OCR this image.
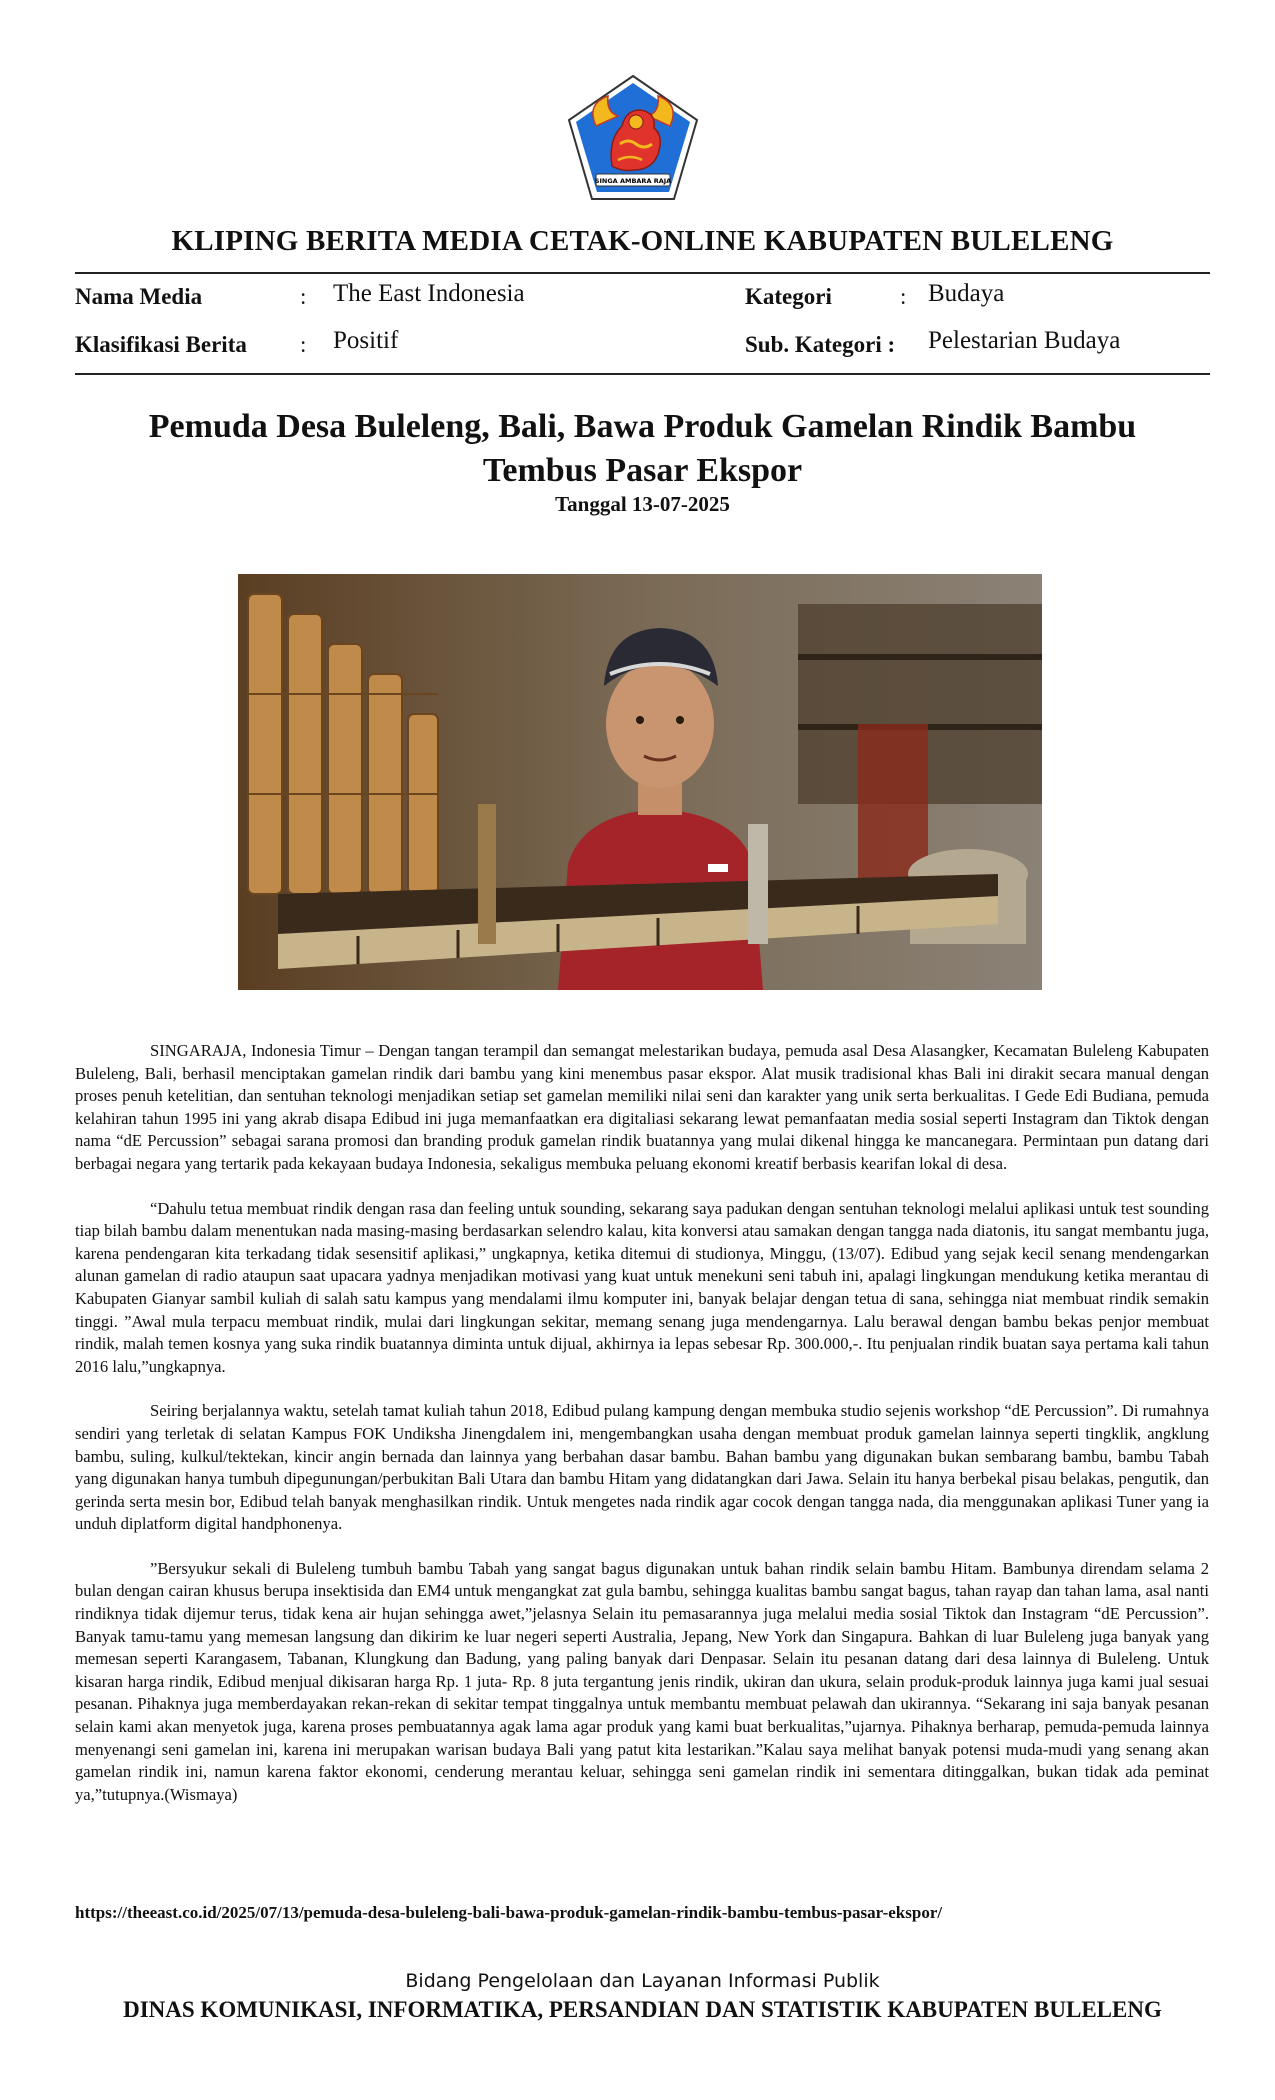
SINGA AMBARA RAJA
KLIPING BERITA MEDIA CETAK-ONLINE KABUPATEN BULELENG
Nama Media	: The East Indonesia	Kategori	: Budaya
Klasifikasi Berita : Positif	Sub. Kategori : Pelestarian Budaya
Pemuda Desa Buleleng, Bali, Bawa Produk Gamelan Rindik Bambu
Tembus Pasar Ekspor
Tanggal 13-07-2025

SINGARAJA, Indonesia Timur – Dengan tangan terampil dan semangat melestarikan budaya, pemuda asal Desa Alasangker, Kecamatan Buleleng Kabupaten Buleleng, Bali, berhasil menciptakan gamelan rindik dari bambu yang kini menembus pasar ekspor. Alat musik tradisional khas Bali ini dirakit secara manual dengan proses penuh ketelitian, dan sentuhan teknologi menjadikan setiap set gamelan memiliki nilai seni dan karakter yang unik serta berkualitas. I Gede Edi Budiana, pemuda kelahiran tahun 1995 ini yang akrab disapa Edibud ini juga memanfaatkan era digitaliasi sekarang lewat pemanfaatan media sosial seperti Instagram dan Tiktok dengan nama “dE Percussion” sebagai sarana promosi dan branding produk gamelan rindik buatannya yang mulai dikenal hingga ke mancanegara. Permintaan pun datang dari berbagai negara yang tertarik pada kekayaan budaya Indonesia, sekaligus membuka peluang ekonomi kreatif berbasis kearifan lokal di desa.

“Dahulu tetua membuat rindik dengan rasa dan feeling untuk sounding, sekarang saya padukan dengan sentuhan teknologi melalui aplikasi untuk test sounding tiap bilah bambu dalam menentukan nada masing-masing berdasarkan selendro kalau, kita konversi atau samakan dengan tangga nada diatonis, itu sangat membantu juga, karena pendengaran kita terkadang tidak sesensitif aplikasi,” ungkapnya, ketika ditemui di studionya, Minggu, (13/07). Edibud yang sejak kecil senang mendengarkan alunan gamelan di radio ataupun saat upacara yadnya menjadikan motivasi yang kuat untuk menekuni seni tabuh ini, apalagi lingkungan mendukung ketika merantau di Kabupaten Gianyar sambil kuliah di salah satu kampus yang mendalami ilmu komputer ini, banyak belajar dengan tetua di sana, sehingga niat membuat rindik semakin tinggi. ”Awal mula terpacu membuat rindik, mulai dari lingkungan sekitar, memang senang juga mendengarnya. Lalu berawal dengan bambu bekas penjor membuat rindik, malah temen kosnya yang suka rindik buatannya diminta untuk dijual, akhirnya ia lepas sebesar Rp. 300.000,-. Itu penjualan rindik buatan saya pertama kali tahun 2016 lalu,”ungkapnya.

Seiring berjalannya waktu, setelah tamat kuliah tahun 2018, Edibud pulang kampung dengan membuka studio sejenis workshop “dE Percussion”. Di rumahnya sendiri yang terletak di selatan Kampus FOK Undiksha Jinengdalem ini, mengembangkan usaha dengan membuat produk gamelan lainnya seperti tingklik, angklung bambu, suling, kulkul/tektekan, kincir angin bernada dan lainnya yang berbahan dasar bambu. Bahan bambu yang digunakan bukan sembarang bambu, bambu Tabah yang digunakan hanya tumbuh dipegunungan/perbukitan Bali Utara dan bambu Hitam yang didatangkan dari Jawa. Selain itu hanya berbekal pisau belakas, pengutik, dan gerinda serta mesin bor, Edibud telah banyak menghasilkan rindik. Untuk mengetes nada rindik agar cocok dengan tangga nada, dia menggunakan aplikasi Tuner yang ia unduh diplatform digital handphonenya.

”Bersyukur sekali di Buleleng tumbuh bambu Tabah yang sangat bagus digunakan untuk bahan rindik selain bambu Hitam. Bambunya direndam selama 2 bulan dengan cairan khusus berupa insektisida dan EM4 untuk mengangkat zat gula bambu, sehingga kualitas bambu sangat bagus, tahan rayap dan tahan lama, asal nanti rindiknya tidak dijemur terus, tidak kena air hujan sehingga awet,”jelasnya Selain itu pemasarannya juga melalui media sosial Tiktok dan Instagram “dE Percussion”. Banyak tamu-tamu yang memesan langsung dan dikirim ke luar negeri seperti Australia, Jepang, New York dan Singapura. Bahkan di luar Buleleng juga banyak yang memesan seperti Karangasem, Tabanan, Klungkung dan Badung, yang paling banyak dari Denpasar. Selain itu pesanan datang dari desa lainnya di Buleleng. Untuk kisaran harga rindik, Edibud menjual dikisaran harga Rp. 1 juta- Rp. 8 juta tergantung jenis rindik, ukiran dan ukura, selain produk-produk lainnya juga kami jual sesuai pesanan. Pihaknya juga memberdayakan rekan-rekan di sekitar tempat tinggalnya untuk membantu membuat pelawah dan ukirannya. “Sekarang ini saja banyak pesanan selain kami akan menyetok juga, karena proses pembuatannya agak lama agar produk yang kami buat berkualitas,”ujarnya. Pihaknya berharap, pemuda-pemuda lainnya menyenangi seni gamelan ini, karena ini merupakan warisan budaya Bali yang patut kita lestarikan.”Kalau saya melihat banyak potensi muda-mudi yang senang akan gamelan rindik ini, namun karena faktor ekonomi, cenderung merantau keluar, sehingga seni gamelan rindik ini sementara ditinggalkan, bukan tidak ada peminat ya,”tutupnya.(Wismaya)

https://theeast.co.id/2025/07/13/pemuda-desa-buleleng-bali-bawa-produk-gamelan-rindik-bambu-tembus-pasar-ekspor/
Bidang Pengelolaan dan Layanan Informasi Publik
DINAS KOMUNIKASI, INFORMATIKA, PERSANDIAN DAN STATISTIK KABUPATEN BULELENG
